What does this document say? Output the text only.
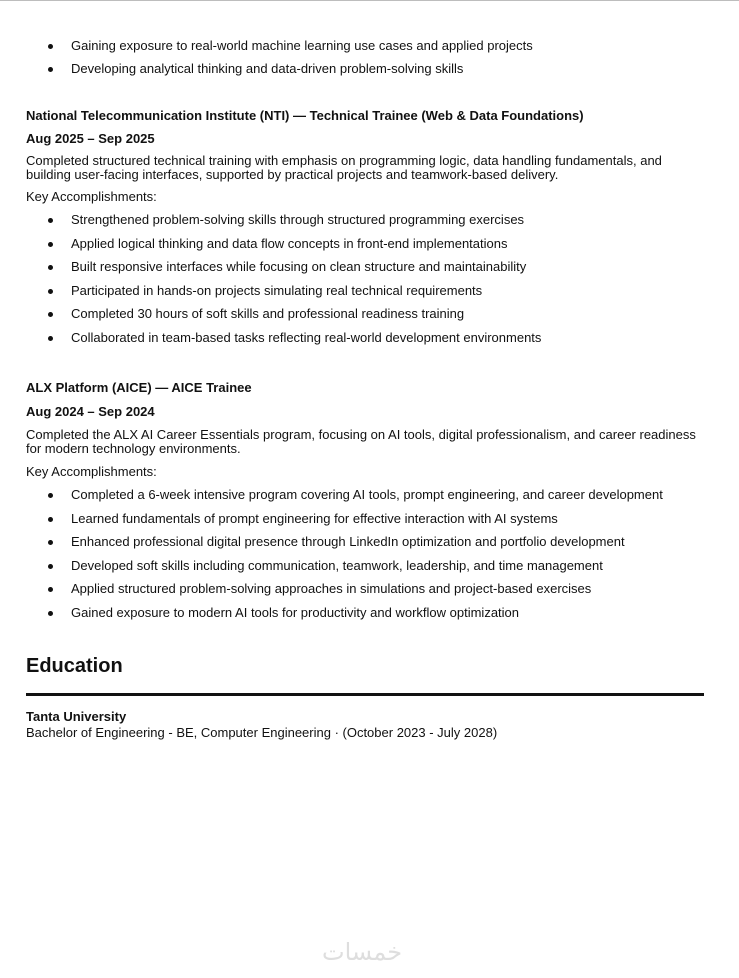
Gaining exposure to real-world machine learning use cases and applied projects
Developing analytical thinking and data-driven problem-solving skills
National Telecommunication Institute (NTI) — Technical Trainee (Web & Data Foundations)
Aug 2025 – Sep 2025
Completed structured technical training with emphasis on programming logic, data handling fundamentals, and building user-facing interfaces, supported by practical projects and teamwork-based delivery.
Key Accomplishments:
Strengthened problem-solving skills through structured programming exercises
Applied logical thinking and data flow concepts in front-end implementations
Built responsive interfaces while focusing on clean structure and maintainability
Participated in hands-on projects simulating real technical requirements
Completed 30 hours of soft skills and professional readiness training
Collaborated in team-based tasks reflecting real-world development environments
ALX Platform (AICE) — AICE Trainee
Aug 2024 – Sep 2024
Completed the ALX AI Career Essentials program, focusing on AI tools, digital professionalism, and career readiness for modern technology environments.
Key Accomplishments:
Completed a 6-week intensive program covering AI tools, prompt engineering, and career development
Learned fundamentals of prompt engineering for effective interaction with AI systems
Enhanced professional digital presence through LinkedIn optimization and portfolio development
Developed soft skills including communication, teamwork, leadership, and time management
Applied structured problem-solving approaches in simulations and project-based exercises
Gained exposure to modern AI tools for productivity and workflow optimization
Education
Tanta University
Bachelor of Engineering - BE, Computer Engineering · (October 2023 - July 2028)
خمسات
